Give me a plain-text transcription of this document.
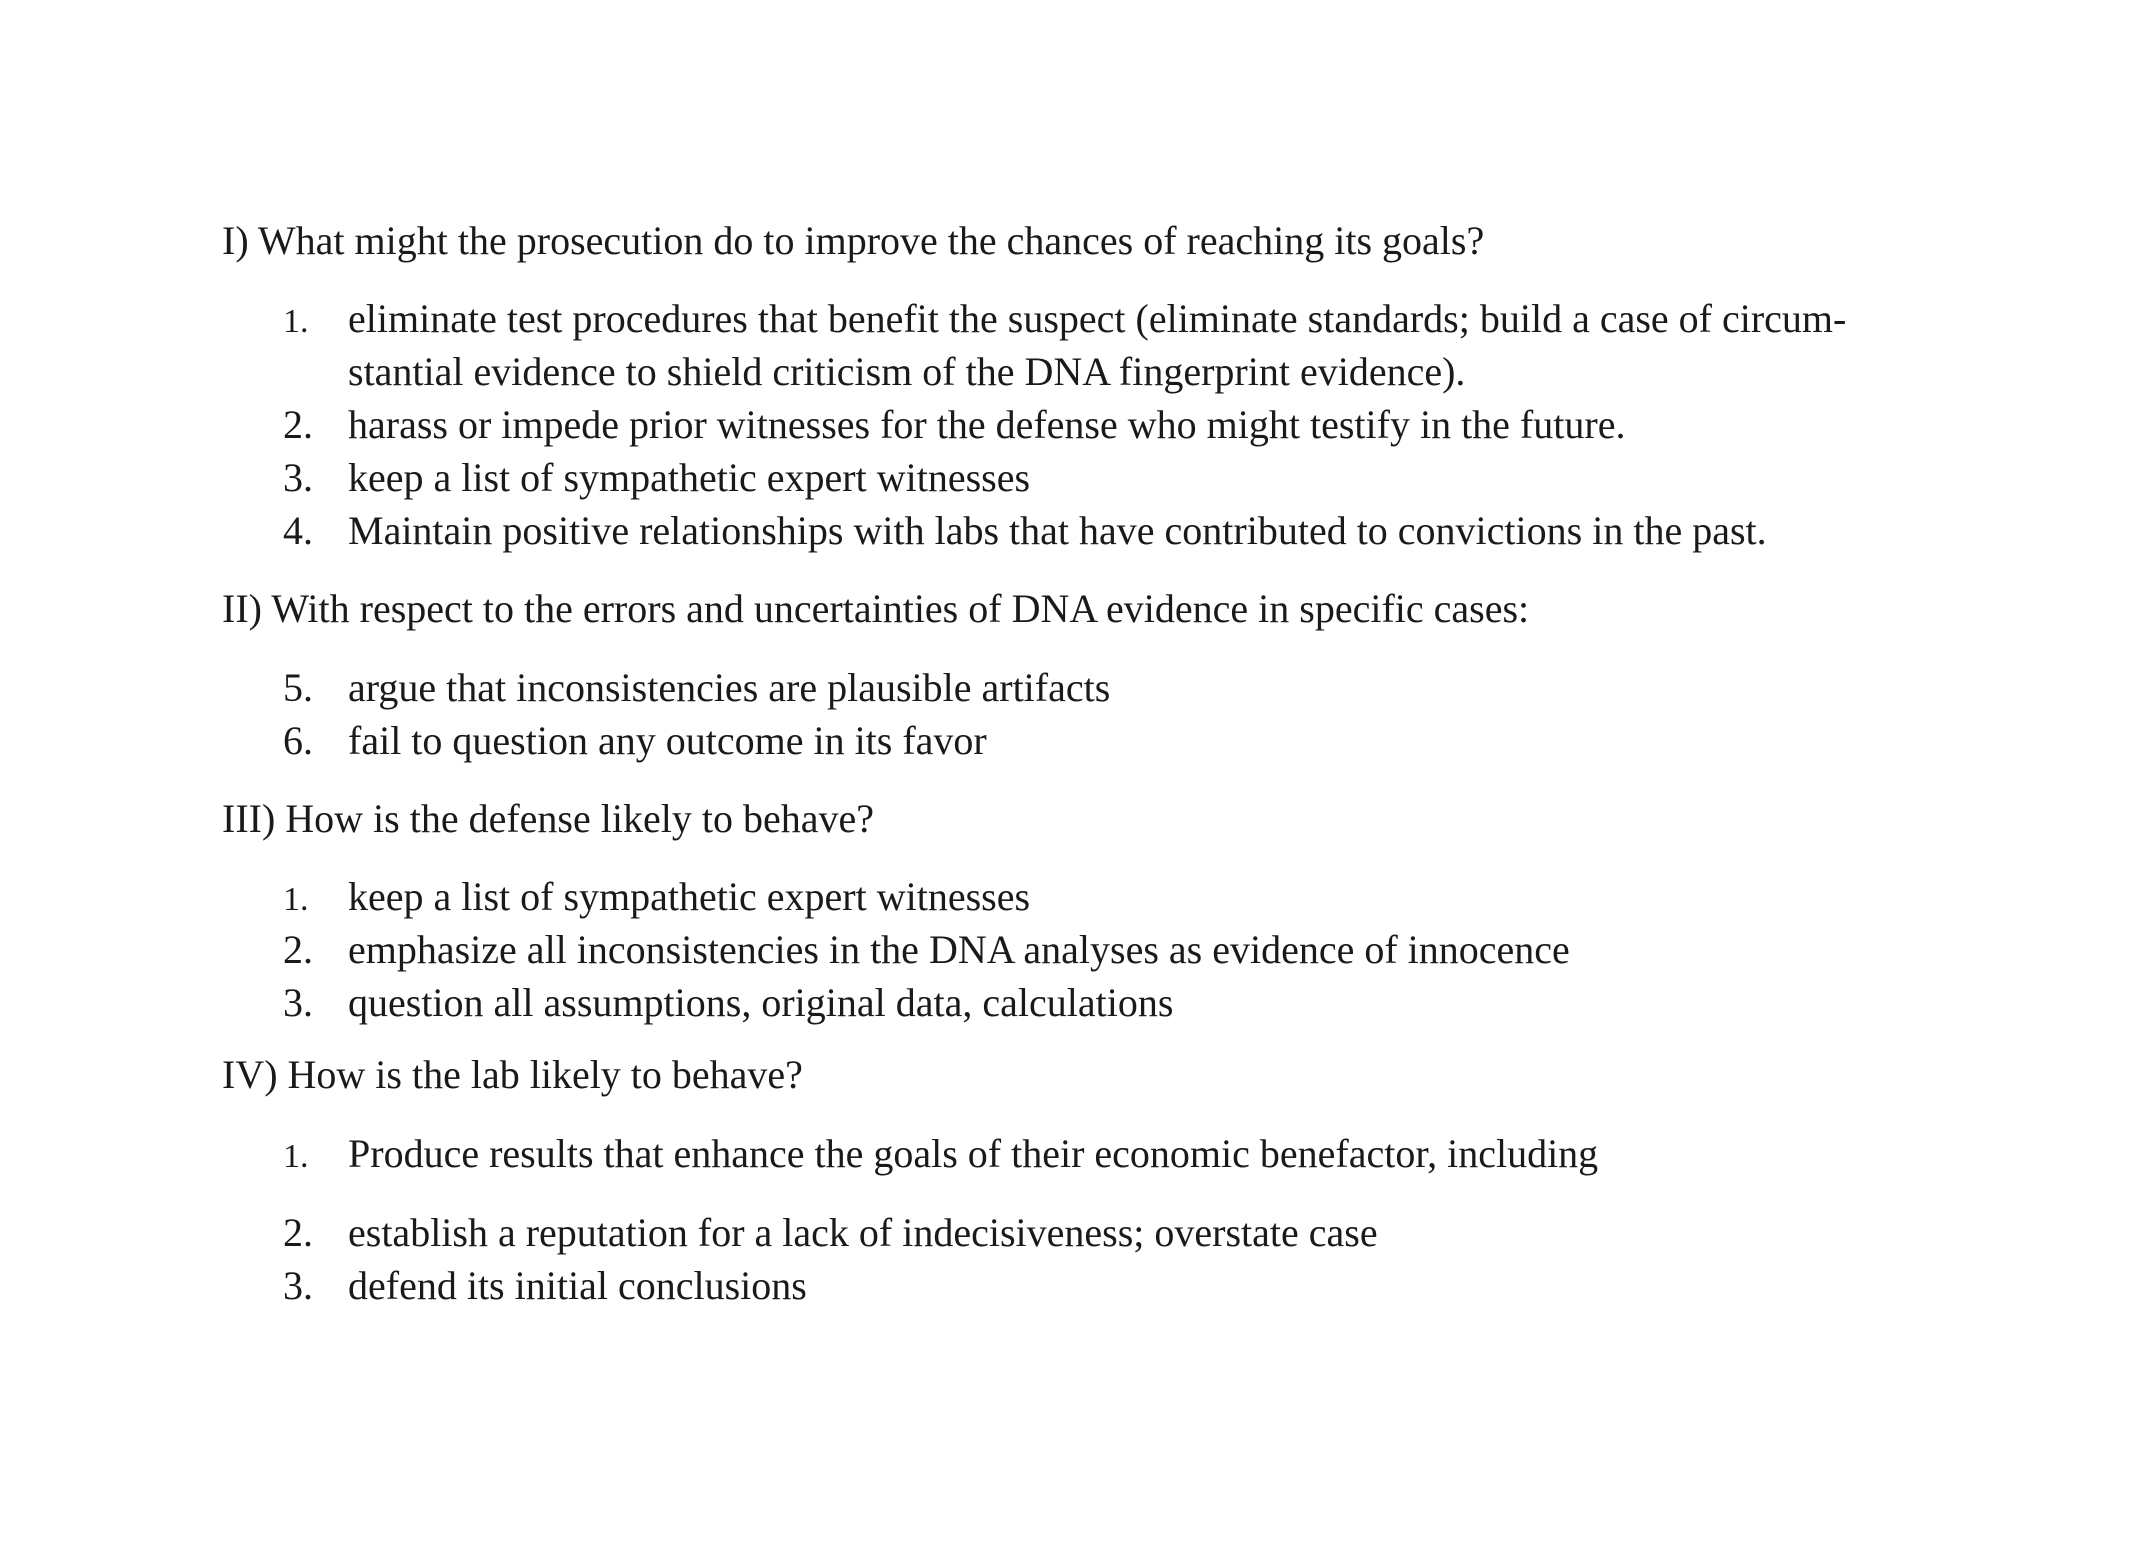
I) What might the prosecution do to improve the chances of reaching its goals?
1. eliminate test procedures that benefit the suspect (eliminate standards; build a case of circum-
stantial evidence to shield criticism of the DNA fingerprint evidence).
2. harass or impede prior witnesses for the defense who might testify in the future.
3. keep a list of sympathetic expert witnesses
4. Maintain positive relationships with labs that have contributed to convictions in the past.
II) With respect to the errors and uncertainties of DNA evidence in specific cases:
5. argue that inconsistencies are plausible artifacts
6. fail to question any outcome in its favor
III) How is the defense likely to behave?
1. keep a list of sympathetic expert witnesses
2. emphasize all inconsistencies in the DNA analyses as evidence of innocence
3. question all assumptions, original data, calculations
IV) How is the lab likely to behave?
1. Produce results that enhance the goals of their economic benefactor, including
2. establish a reputation for a lack of indecisiveness; overstate case
3. defend its initial conclusions
